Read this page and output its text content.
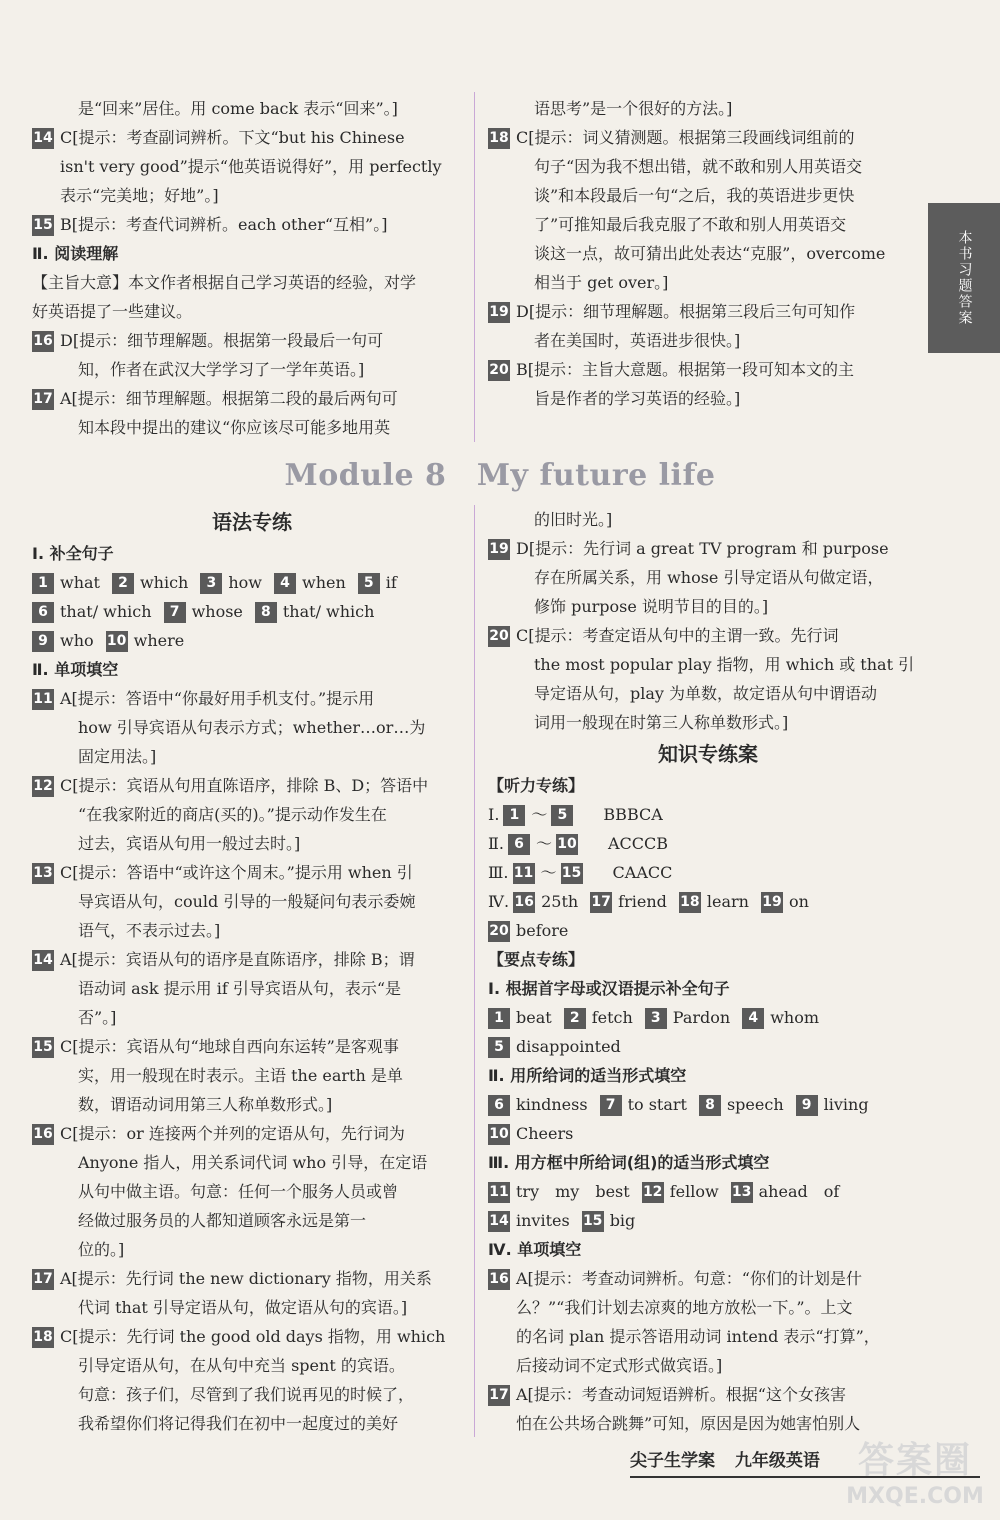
是“回来”居住。用 come back 表示“回来”。]
14 C[提示：考查副词辨析。下文“but his Chinese
isn't very good”提示“他英语说得好”，用 perfectly
表示“完美地；好地”。]
15 B[提示：考查代词辨析。each other“互相”。]
Ⅱ. 阅读理解
【主旨大意】本文作者根据自己学习英语的经验，对学
好英语提了一些建议。
16 D[提示：细节理解题。根据第一段最后一句可
知，作者在武汉大学学习了一学年英语。]
17 A[提示：细节理解题。根据第二段的最后两句可
知本段中提出的建议“你应该尽可能多地用英
语思考”是一个很好的方法。]
18 C[提示：词义猜测题。根据第三段画线词组前的
句子“因为我不想出错，就不敢和别人用英语交
谈”和本段最后一句“之后，我的英语进步更快
了”可推知最后我克服了不敢和别人用英语交
谈这一点，故可猜出此处表达“克服”，overcome
相当于 get over。]
19 D[提示：细节理解题。根据第三段后三句可知作
者在美国时，英语进步很快。]
20 B[提示：主旨大意题。根据第一段可知本文的主
旨是作者的学习英语的经验。]
本书习题答案
Module 8　My future life
语法专练
Ⅰ. 补全句子
1 what 2 which 3 how 4 when 5 if
6 that/ which 7 whose 8 that/ which
9 who 10 where
Ⅱ. 单项填空
11 A[提示：答语中“你最好用手机支付。”提示用
how 引导宾语从句表示方式；whether…or…为
固定用法。]
12 C[提示：宾语从句用直陈语序，排除 B、D；答语中
“在我家附近的商店(买的)。”提示动作发生在
过去，宾语从句用一般过去时。]
13 C[提示：答语中“或许这个周末。”提示用 when 引
导宾语从句，could 引导的一般疑问句表示委婉
语气，不表示过去。]
14 A[提示：宾语从句的语序是直陈语序，排除 B；谓
语动词 ask 提示用 if 引导宾语从句，表示“是
否”。]
15 C[提示：宾语从句“地球自西向东运转”是客观事
实，用一般现在时表示。主语 the earth 是单
数，谓语动词用第三人称单数形式。]
16 C[提示：or 连接两个并列的定语从句，先行词为
Anyone 指人，用关系词代词 who 引导，在定语
从句中做主语。句意：任何一个服务人员或曾
经做过服务员的人都知道顾客永远是第一
位的。]
17 A[提示：先行词 the new dictionary 指物，用关系
代词 that 引导定语从句，做定语从句的宾语。]
18 C[提示：先行词 the good old days 指物，用 which
引导定语从句，在从句中充当 spent 的宾语。
句意：孩子们，尽管到了我们说再见的时候了，
我希望你们将记得我们在初中一起度过的美好
的旧时光。]
19 D[提示：先行词 a great TV program 和 purpose
存在所属关系，用 whose 引导定语从句做定语，
修饰 purpose 说明节目的目的。]
20 C[提示：考查定语从句中的主谓一致。先行词
the most popular play 指物，用 which 或 that 引
导定语从句，play 为单数，故定语从句中谓语动
词用一般现在时第三人称单数形式。]
知识专练案
【听力专练】
Ⅰ. 1 ～ 5 BBBCA
Ⅱ. 6 ～ 10 ACCCB
Ⅲ. 11 ～ 15 CAACC
Ⅳ. 16 25th 17 friend 18 learn 19 on
20 before
【要点专练】
Ⅰ. 根据首字母或汉语提示补全句子
1 beat 2 fetch 3 Pardon 4 whom
5 disappointed
Ⅱ. 用所给词的适当形式填空
6 kindness 7 to start 8 speech 9 living
10 Cheers
Ⅲ. 用方框中所给词(组)的适当形式填空
11 try　my　best 12 fellow 13 ahead　of
14 invites 15 big
Ⅳ. 单项填空
16 A[提示：考查动词辨析。句意：“你们的计划是什
么？”“我们计划去凉爽的地方放松一下。”。上文
的名词 plan 提示答语用动词 intend 表示“打算”，
后接动词不定式形式做宾语。]
17 A[提示：考查动词短语辨析。根据“这个女孩害
怕在公共场合跳舞”可知，原因是因为她害怕别人
尖子生学案 九年级英语	答案圈
MXQE.COM
